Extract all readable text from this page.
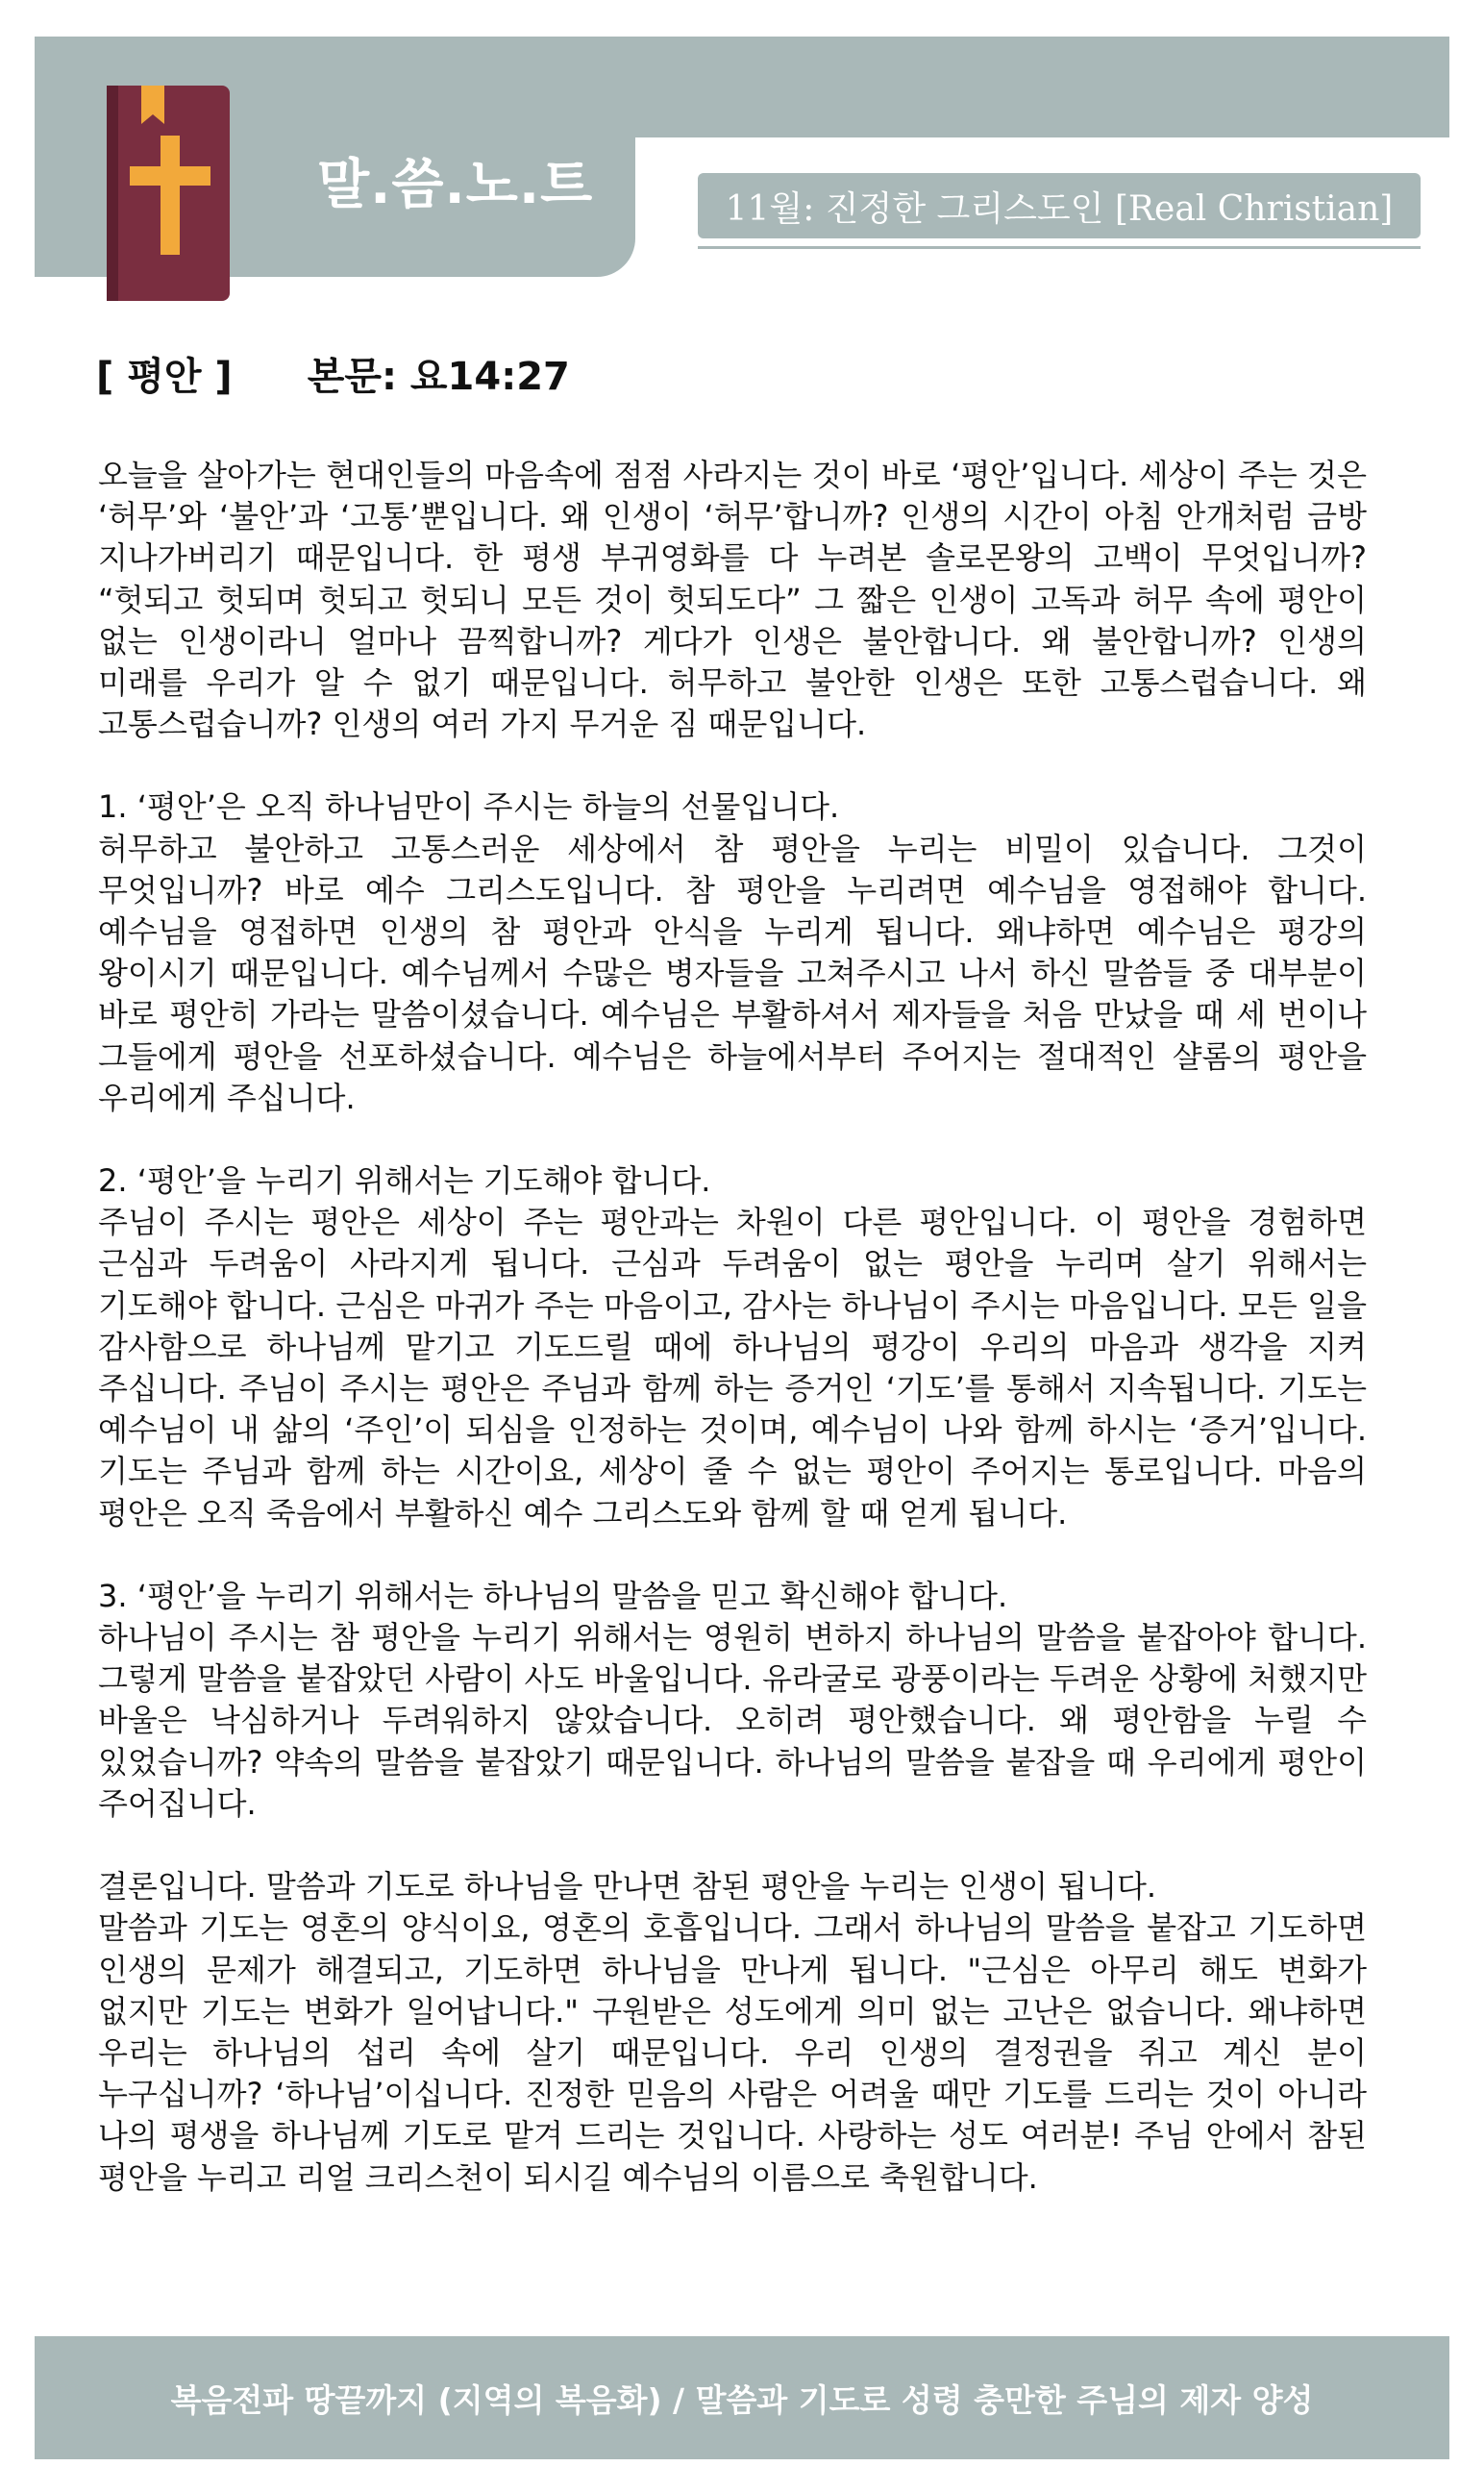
말.씀.노.트	11월: 진정한 그리스도인 [Real Christian]
[ 평안 ] 본문: 요14:27

오늘을 살아가는 현대인들의 마음속에 점점 사라지는 것이 바로 ‘평안’입니다. 세상이 주는 것은 ‘허무’와 ‘불안’과 ‘고통’뿐입니다. 왜 인생이 ‘허무’합니까? 인생의 시간이 아침 안개처럼 금방 지나가버리기 때문입니다. 한 평생 부귀영화를 다 누려본 솔로몬왕의 고백이 무엇입니까? “헛되고 헛되며 헛되고 헛되니 모든 것이 헛되도다” 그 짧은 인생이 고독과 허무 속에 평안이 없는 인생이라니 얼마나 끔찍합니까? 게다가 인생은 불안합니다. 왜 불안합니까? 인생의 미래를 우리가 알 수 없기 때문입니다. 허무하고 불안한 인생은 또한 고통스럽습니다. 왜 고통스럽습니까? 인생의 여러 가지 무거운 짐 때문입니다.

1. ‘평안’은 오직 하나님만이 주시는 하늘의 선물입니다.
허무하고 불안하고 고통스러운 세상에서 참 평안을 누리는 비밀이 있습니다. 그것이 무엇입니까? 바로 예수 그리스도입니다. 참 평안을 누리려면 예수님을 영접해야 합니다. 예수님을 영접하면 인생의 참 평안과 안식을 누리게 됩니다. 왜냐하면 예수님은 평강의 왕이시기 때문입니다. 예수님께서 수많은 병자들을 고쳐주시고 나서 하신 말씀들 중 대부분이 바로 평안히 가라는 말씀이셨습니다. 예수님은 부활하셔서 제자들을 처음 만났을 때 세 번이나 그들에게 평안을 선포하셨습니다. 예수님은 하늘에서부터 주어지는 절대적인 샬롬의 평안을 우리에게 주십니다.

2. ‘평안’을 누리기 위해서는 기도해야 합니다.
주님이 주시는 평안은 세상이 주는 평안과는 차원이 다른 평안입니다. 이 평안을 경험하면 근심과 두려움이 사라지게 됩니다. 근심과 두려움이 없는 평안을 누리며 살기 위해서는 기도해야 합니다. 근심은 마귀가 주는 마음이고, 감사는 하나님이 주시는 마음입니다. 모든 일을 감사함으로 하나님께 맡기고 기도드릴 때에 하나님의 평강이 우리의 마음과 생각을 지켜 주십니다. 주님이 주시는 평안은 주님과 함께 하는 증거인 ‘기도’를 통해서 지속됩니다. 기도는 예수님이 내 삶의 ‘주인’이 되심을 인정하는 것이며, 예수님이 나와 함께 하시는 ‘증거’입니다. 기도는 주님과 함께 하는 시간이요, 세상이 줄 수 없는 평안이 주어지는 통로입니다. 마음의 평안은 오직 죽음에서 부활하신 예수 그리스도와 함께 할 때 얻게 됩니다.

3. ‘평안’을 누리기 위해서는 하나님의 말씀을 믿고 확신해야 합니다.
하나님이 주시는 참 평안을 누리기 위해서는 영원히 변하지 하나님의 말씀을 붙잡아야 합니다. 그렇게 말씀을 붙잡았던 사람이 사도 바울입니다. 유라굴로 광풍이라는 두려운 상황에 처했지만 바울은 낙심하거나 두려워하지 않았습니다. 오히려 평안했습니다. 왜 평안함을 누릴 수 있었습니까? 약속의 말씀을 붙잡았기 때문입니다. 하나님의 말씀을 붙잡을 때 우리에게 평안이 주어집니다.

결론입니다. 말씀과 기도로 하나님을 만나면 참된 평안을 누리는 인생이 됩니다.
말씀과 기도는 영혼의 양식이요, 영혼의 호흡입니다. 그래서 하나님의 말씀을 붙잡고 기도하면 인생의 문제가 해결되고, 기도하면 하나님을 만나게 됩니다. "근심은 아무리 해도 변화가 없지만 기도는 변화가 일어납니다." 구원받은 성도에게 의미 없는 고난은 없습니다. 왜냐하면 우리는 하나님의 섭리 속에 살기 때문입니다. 우리 인생의 결정권을 쥐고 계신 분이 누구십니까? ‘하나님’이십니다. 진정한 믿음의 사람은 어려울 때만 기도를 드리는 것이 아니라 나의 평생을 하나님께 기도로 맡겨 드리는 것입니다. 사랑하는 성도 여러분! 주님 안에서 참된 평안을 누리고 리얼 크리스천이 되시길 예수님의 이름으로 축원합니다.

복음전파 땅끝까지 (지역의 복음화) / 말씀과 기도로 성령 충만한 주님의 제자 양성
